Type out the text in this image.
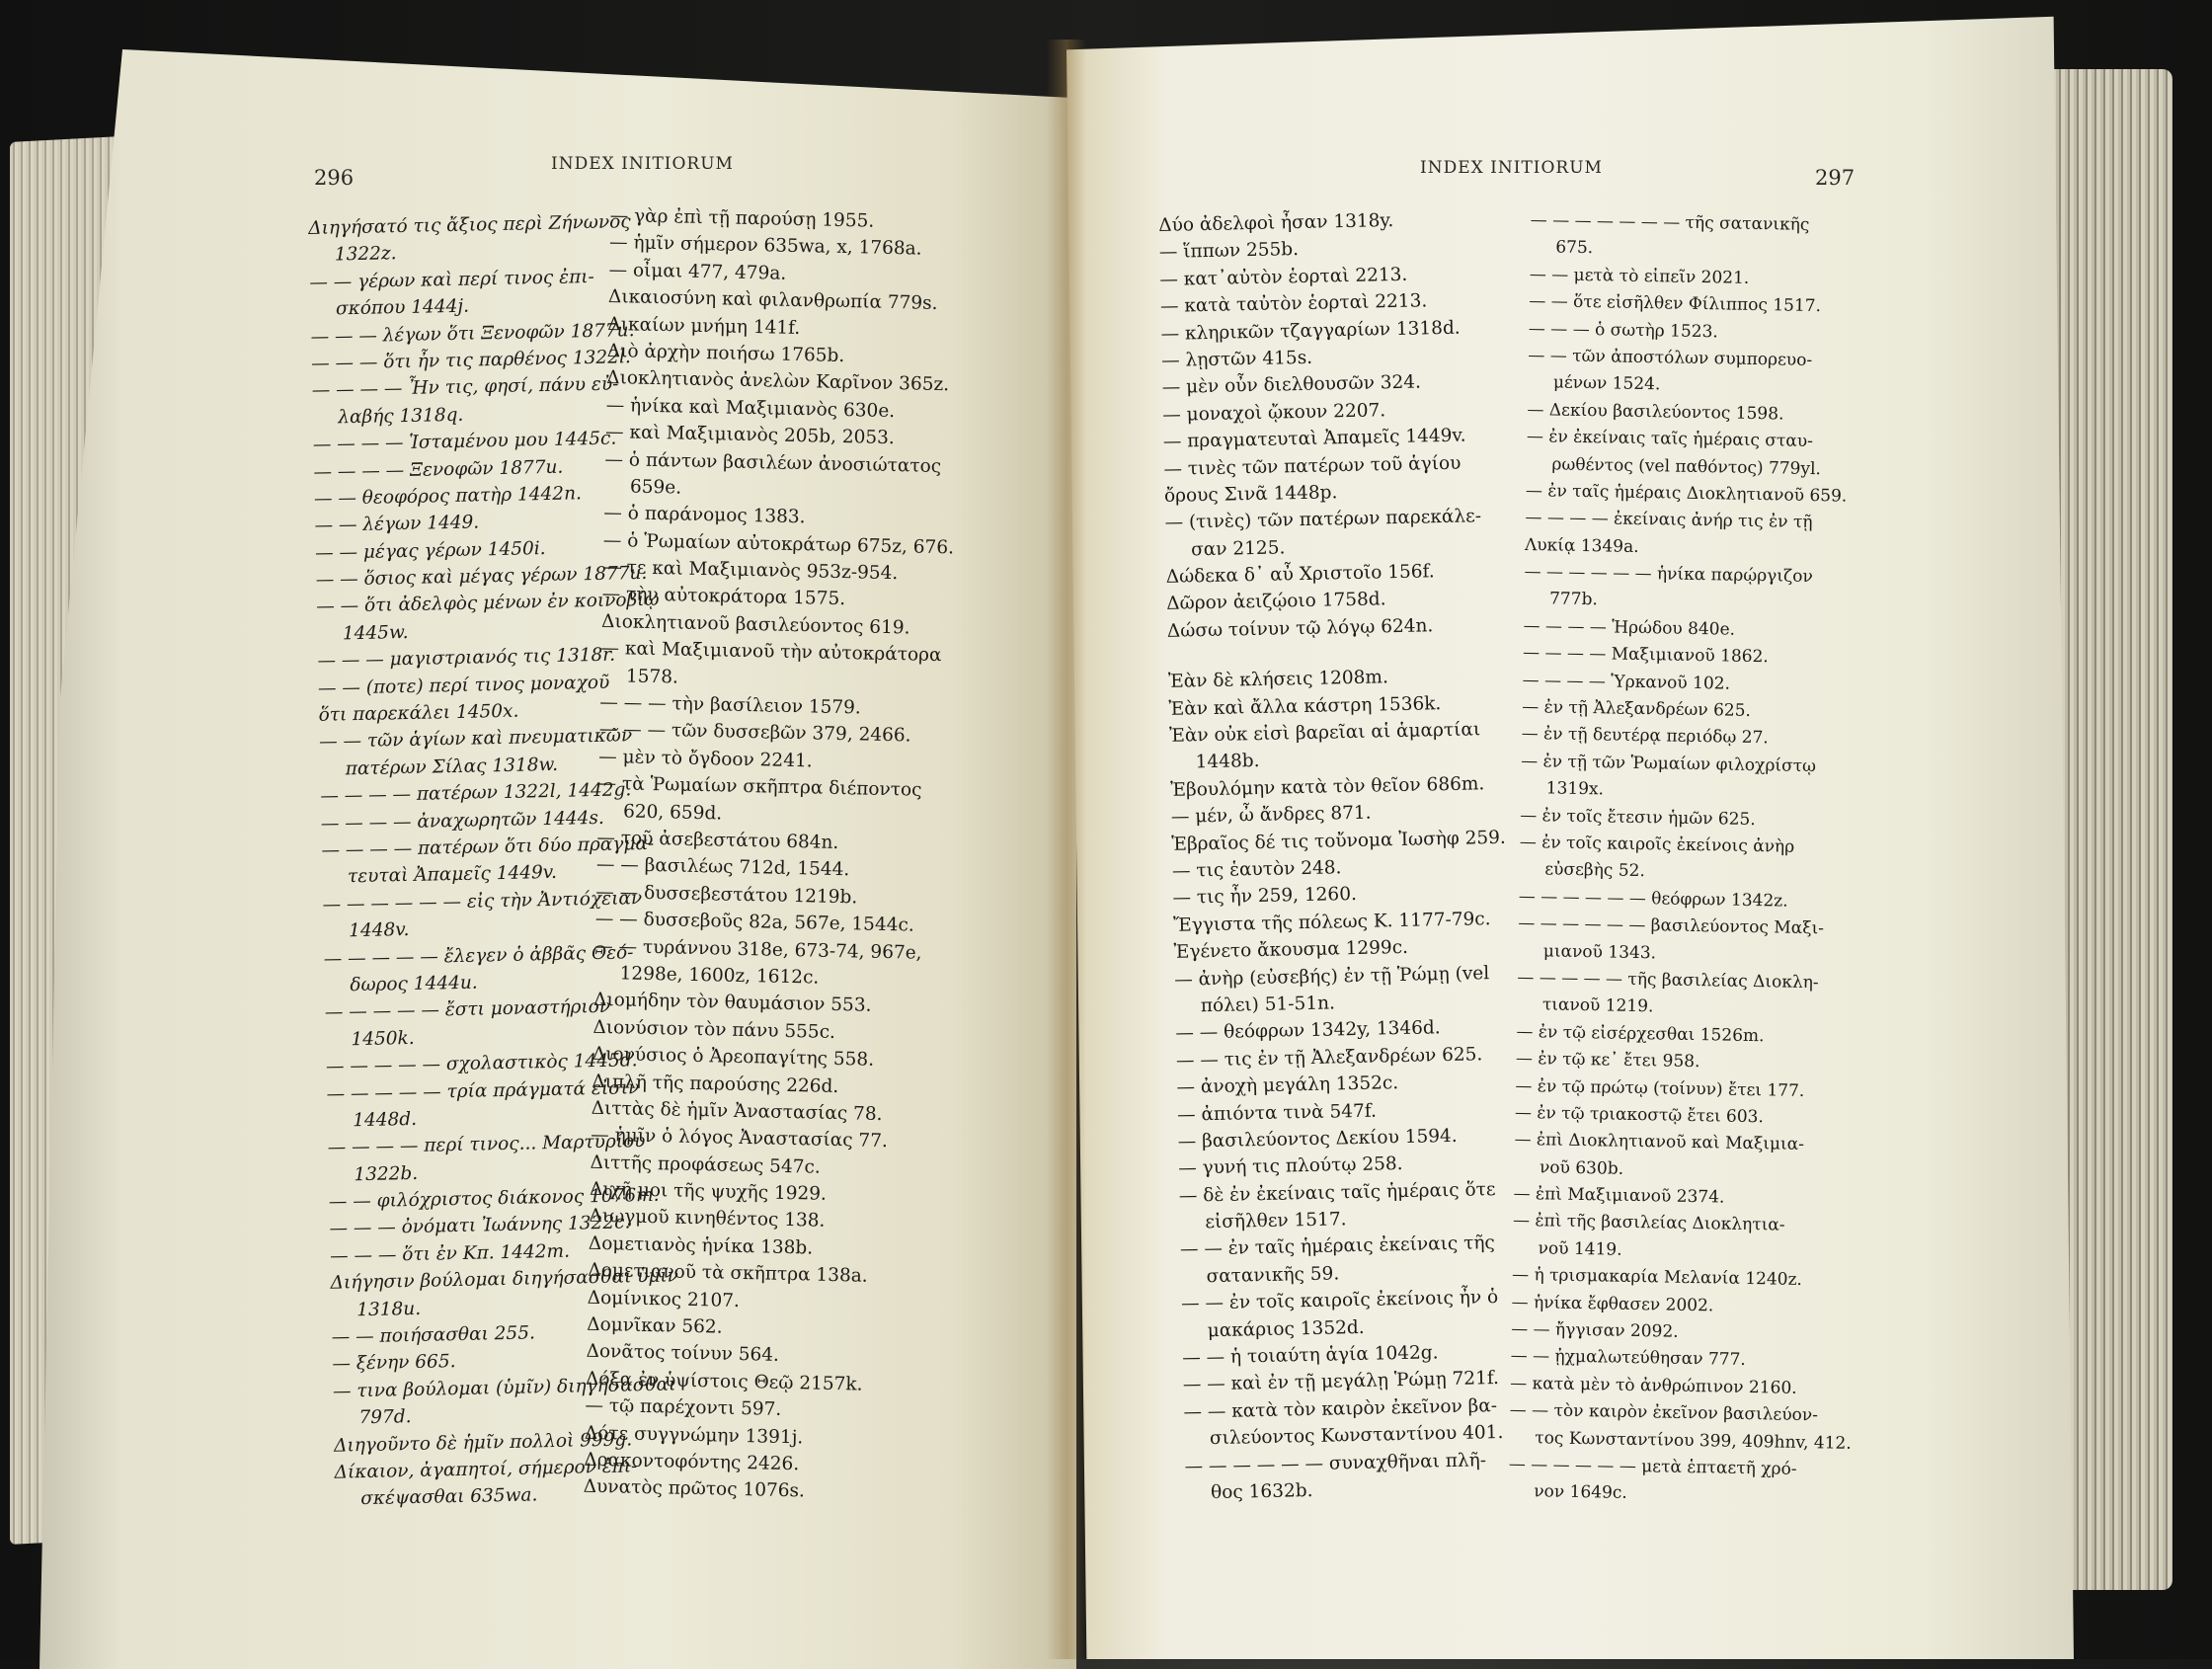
296
INDEX INITIORUM	INDEX INITIORUM	297
Διηγήσατό τις ἄξιος περὶ Ζήνωνος
1322z.
— — γέρων καὶ περί τινος ἐπι-
σκόπου 1444j.
— — — λέγων ὅτι Ξενοφῶν 1877u.
— — — ὅτι ἦν τις παρθένος 1322l.
— — — — Ἦν τις, φησί, πάνυ εὐ-
λαβής 1318q.
— — — — Ἱσταμένου μου 1445c.
— — — — Ξενοφῶν 1877u.
— — θεοφόρος πατὴρ 1442n.
— — λέγων 1449.
— — μέγας γέρων 1450i.
— — ὅσιος καὶ μέγας γέρων 1877u.
— — ὅτι ἀδελφὸς μένων ἐν κοινοβίῳ
1445w.
— — — μαγιστριανός τις 1318r.
— — (ποτε) περί τινος μοναχοῦ
ὅτι παρεκάλει 1450x.
— — τῶν ἁγίων καὶ πνευματικῶν
πατέρων Σίλας 1318w.
— — — — πατέρων 1322l, 1442g.
— — — — ἀναχωρητῶν 1444s.
— — — — πατέρων ὅτι δύο πραγμα-
τευταὶ Ἀπαμεῖς 1449v.
— — — — — — εἰς τὴν Ἀντιόχειαν
1448v.
— — — — — ἔλεγεν ὁ ἀββᾶς Θεό-
δωρος 1444u.
— — — — — ἔστι μοναστήριον
1450k.
— — — — — σχολαστικὸς 1445d.
— — — — — τρία πράγματά εἰσιν
1448d.
— — — — περί τινος... Μαρτυρίου
1322b.
— — φιλόχριστος διάκονος 1076m.
— — — ὀνόματι Ἰωάννης 1322c.
— — — ὅτι ἐν Κπ. 1442m.
Διήγησιν βούλομαι διηγήσασθαι ὑμῖν
1318u.
— — ποιήσασθαι 255.
— ξένην 665.
— τινα βούλομαι (ὑμῖν) διηγήσασθαι
797d.
Διηγοῦντο δὲ ἡμῖν πολλοὶ 999g.
Δίκαιον, ἀγαπητοί, σήμερον ἐπι-
σκέψασθαι 635wa.
— γὰρ ἐπὶ τῇ παρούσῃ 1955.
— ἡμῖν σήμερον 635wa, x, 1768a.
— οἶμαι 477, 479a.
Δικαιοσύνη καὶ φιλανθρωπία 779s.
Δικαίων μνήμη 141f.
Διὸ ἀρχὴν ποιήσω 1765b.
Διοκλητιανὸς ἀνελὼν Καρῖνον 365z.
— ἡνίκα καὶ Μαξιμιανὸς 630e.
— καὶ Μαξιμιανὸς 205b, 2053.
— ὁ πάντων βασιλέων ἀνοσιώτατος
659e.
— ὁ παράνομος 1383.
— ὁ Ῥωμαίων αὐτοκράτωρ 675z, 676.
— τε καὶ Μαξιμιανὸς 953z-954.
— τὴν αὐτοκράτορα 1575.
Διοκλητιανοῦ βασιλεύοντος 619.
— καὶ Μαξιμιανοῦ τὴν αὐτοκράτορα
1578.
— — — τὴν βασίλειον 1579.
— — — τῶν δυσσεβῶν 379, 2466.
— μὲν τὸ ὄγδοον 2241.
— τὰ Ῥωμαίων σκῆπτρα διέποντος
620, 659d.
— τοῦ ἀσεβεστάτου 684n.
— — βασιλέως 712d, 1544.
— — δυσσεβεστάτου 1219b.
— — δυσσεβοῦς 82a, 567e, 1544c.
— — τυράννου 318e, 673-74, 967e,
1298e, 1600z, 1612c.
Διομήδην τὸν θαυμάσιον 553.
Διονύσιον τὸν πάνυ 555c.
Διονύσιος ὁ Ἀρεοπαγίτης 558.
Διπλῆ τῆς παρούσης 226d.
Διττὰς δὲ ἡμῖν Ἀναστασίας 78.
— ἡμῖν ὁ λόγος Ἀναστασίας 77.
Διττῆς προφάσεως 547c.
Διχῇ μοι τῆς ψυχῆς 1929.
Διωγμοῦ κινηθέντος 138.
Δομετιανὸς ἡνίκα 138b.
Δομετιανοῦ τὰ σκῆπτρα 138a.
Δομίνικος 2107.
Δομνῖκαν 562.
Δονᾶτος τοίνυν 564.
Δόξα ἐν ὑψίστοις Θεῷ 2157k.
— τῷ παρέχοντι 597.
Δότε συγγνώμην 1391j.
Δρακοντοφόντης 2426.
Δυνατὸς πρῶτος 1076s.
Δύο ἀδελφοὶ ἦσαν 1318y.
— ἵππων 255b.
— κατ᾽αὐτὸν ἑορταὶ 2213.
— κατὰ ταὐτὸν ἑορταὶ 2213.
— κληρικῶν τζαγγαρίων 1318d.
— λῃστῶν 415s.
— μὲν οὖν διελθουσῶν 324.
— μοναχοὶ ᾤκουν 2207.
— πραγματευταὶ Ἀπαμεῖς 1449v.
— τινὲς τῶν πατέρων τοῦ ἁγίου
ὄρους Σινᾶ 1448p.
— (τινὲς) τῶν πατέρων παρεκάλε-
σαν 2125.
Δώδεκα δ᾽ αὖ Χριστοῖο 156f.
Δῶρον ἀειζῴοιο 1758d.
Δώσω τοίνυν τῷ λόγῳ 624n.
Ἐὰν δὲ κλήσεις 1208m.
Ἐὰν καὶ ἄλλα κάστρη 1536k.
Ἐὰν οὐκ εἰσὶ βαρεῖαι αἱ ἁμαρτίαι
1448b.
Ἐβουλόμην κατὰ τὸν θεῖον 686m.
— μέν, ὦ ἄνδρες 871.
Ἑβραῖος δέ τις τοὔνομα Ἰωσὴφ 259.
— τις ἑαυτὸν 248.
— τις ἦν 259, 1260.
Ἔγγιστα τῆς πόλεως Κ. 1177-79c.
Ἐγένετο ἄκουσμα 1299c.
— ἀνὴρ (εὐσεβής) ἐν τῇ Ῥώμῃ (vel
πόλει) 51-51n.
— — θεόφρων 1342y, 1346d.
— — τις ἐν τῇ Ἀλεξανδρέων 625.
— ἀνοχὴ μεγάλη 1352c.
— ἀπιόντα τινὰ 547f.
— βασιλεύοντος Δεκίου 1594.
— γυνή τις πλούτῳ 258.
— δὲ ἐν ἐκείναις ταῖς ἡμέραις ὅτε
εἰσῆλθεν 1517.
— — ἐν ταῖς ἡμέραις ἐκείναις τῆς
σατανικῆς 59.
— — ἐν τοῖς καιροῖς ἐκείνοις ἦν ὁ
μακάριος 1352d.
— — ἡ τοιαύτη ἁγία 1042g.
— — καὶ ἐν τῇ μεγάλῃ Ῥώμῃ 721f.
— — κατὰ τὸν καιρὸν ἐκεῖνον βα-
σιλεύοντος Κωνσταντίνου 401.
— — — — — — συναχθῆναι πλῆ-
θος 1632b.
— — — — — — — τῆς σατανικῆς
675.
— — μετὰ τὸ εἰπεῖν 2021.
— — ὅτε εἰσῆλθεν Φίλιππος 1517.
— — — ὁ σωτὴρ 1523.
— — τῶν ἀποστόλων συμπορευο-
μένων 1524.
— Δεκίου βασιλεύοντος 1598.
— ἐν ἐκείναις ταῖς ἡμέραις σταυ-
ρωθέντος (vel παθόντος) 779yl.
— ἐν ταῖς ἡμέραις Διοκλητιανοῦ 659.
— — — — ἐκείναις ἀνήρ τις ἐν τῇ
Λυκίᾳ 1349a.
— — — — — — ἡνίκα παρῴργιζον
777b.
— — — — Ἡρώδου 840e.
— — — — Μαξιμιανοῦ 1862.
— — — — Ὑρκανοῦ 102.
— ἐν τῇ Ἀλεξανδρέων 625.
— ἐν τῇ δευτέρᾳ περιόδῳ 27.
— ἐν τῇ τῶν Ῥωμαίων φιλοχρίστῳ
1319x.
— ἐν τοῖς ἔτεσιν ἡμῶν 625.
— ἐν τοῖς καιροῖς ἐκείνοις ἀνὴρ
εὐσεβὴς 52.
— — — — — — θεόφρων 1342z.
— — — — — — βασιλεύοντος Μαξι-
μιανοῦ 1343.
— — — — — τῆς βασιλείας Διοκλη-
τιανοῦ 1219.
— ἐν τῷ εἰσέρχεσθαι 1526m.
— ἐν τῷ κε᾽ ἔτει 958.
— ἐν τῷ πρώτῳ (τοίνυν) ἔτει 177.
— ἐν τῷ τριακοστῷ ἔτει 603.
— ἐπὶ Διοκλητιανοῦ καὶ Μαξιμια-
νοῦ 630b.
— ἐπὶ Μαξιμιανοῦ 2374.
— ἐπὶ τῆς βασιλείας Διοκλητια-
νοῦ 1419.
— ἡ τρισμακαρία Μελανία 1240z.
— ἡνίκα ἔφθασεν 2002.
— — ἤγγισαν 2092.
— — ᾐχμαλωτεύθησαν 777.
— κατὰ μὲν τὸ ἀνθρώπινον 2160.
— — τὸν καιρὸν ἐκεῖνον βασιλεύον-
τος Κωνσταντίνου 399, 409hnv, 412.
— — — — — — μετὰ ἑπταετῆ χρό-
νον 1649c.
